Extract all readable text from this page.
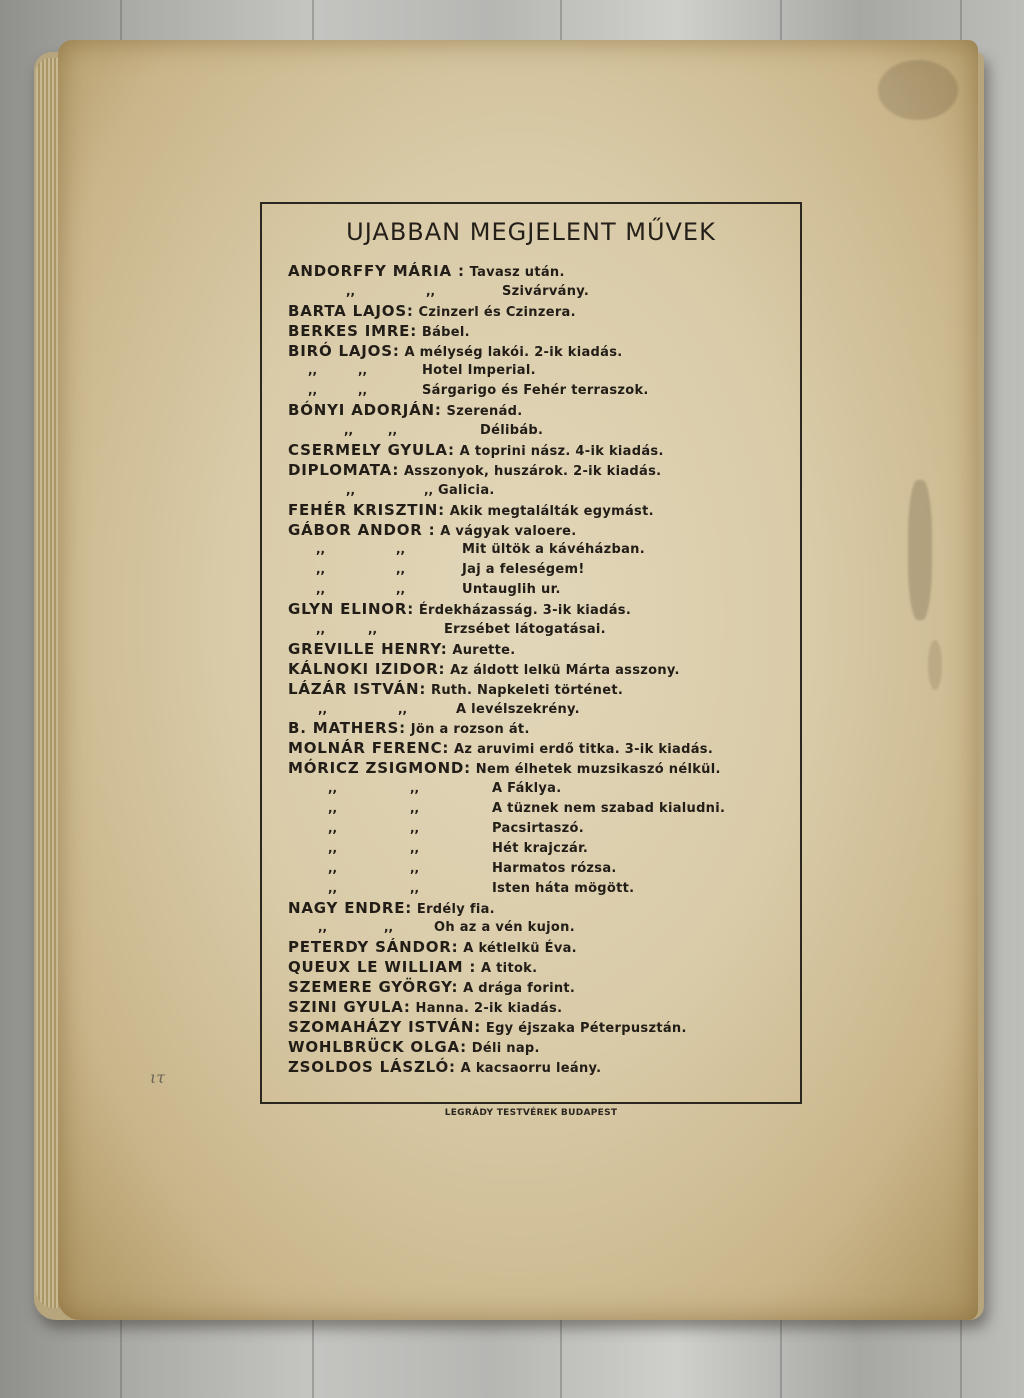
UJABBAN MEGJELENT MŰVEK
ANDORFFY MÁRIA : Tavasz után.
,,	,,	Szivárvány.
BARTA LAJOS: Czinzerl és Czinzera.
BERKES IMRE: Bábel.
BIRÓ LAJOS: A mélység lakói. 2-ik kiadás.
,,	,,	Hotel Imperial.
,,	,,	Sárgarigo és Fehér terraszok.
BÓNYI ADORJÁN: Szerenád.
,,	,,	Délibáb.
CSERMELY GYULA: A toprini nász. 4-ik kiadás.
DIPLOMATA: Asszonyok, huszárok. 2-ik kiadás.
,,	,, Galicia.
FEHÉR KRISZTIN: Akik megtalálták egymást.
GÁBOR ANDOR : A vágyak valoere.
,,	,,	Mit ültök a kávéházban.
,,	,,	Jaj a feleségem!
,,	,,	Untauglih ur.
GLYN ELINOR: Érdekházasság. 3-ik kiadás.
,,	,,	Erzsébet látogatásai.
GREVILLE HENRY: Aurette.
KÁLNOKI IZIDOR: Az áldott lelkü Márta asszony.
LÁZÁR ISTVÁN: Ruth. Napkeleti történet.
,,	,,	A levélszekrény.
B. MATHERS: Jön a rozson át.
MOLNÁR FERENC: Az aruvimi erdő titka. 3-ik kiadás.
MÓRICZ ZSIGMOND: Nem élhetek muzsikaszó nélkül.
,,	,,	A Fáklya.
,,	,,	A tüznek nem szabad kialudni.
,,	,,	Pacsirtaszó.
,,	,,	Hét krajczár.
,,	,,	Harmatos rózsa.
,,	,,	Isten háta mögött.
NAGY ENDRE: Erdély fia.
,,	,,	Oh az a vén kujon.
PETERDY SÁNDOR: A kétlelkü Éva.
QUEUX LE WILLIAM : A titok.
SZEMERE GYÖRGY: A drága forint.
SZINI GYULA: Hanna. 2-ik kiadás.
SZOMAHÁZY ISTVÁN: Egy éjszaka Péterpusztán.
WOHLBRÜCK OLGA: Déli nap.
ZSOLDOS LÁSZLÓ: A kacsaorru leány.
LEGRÁDY TESTVÉREK BUDAPEST
ιτ
